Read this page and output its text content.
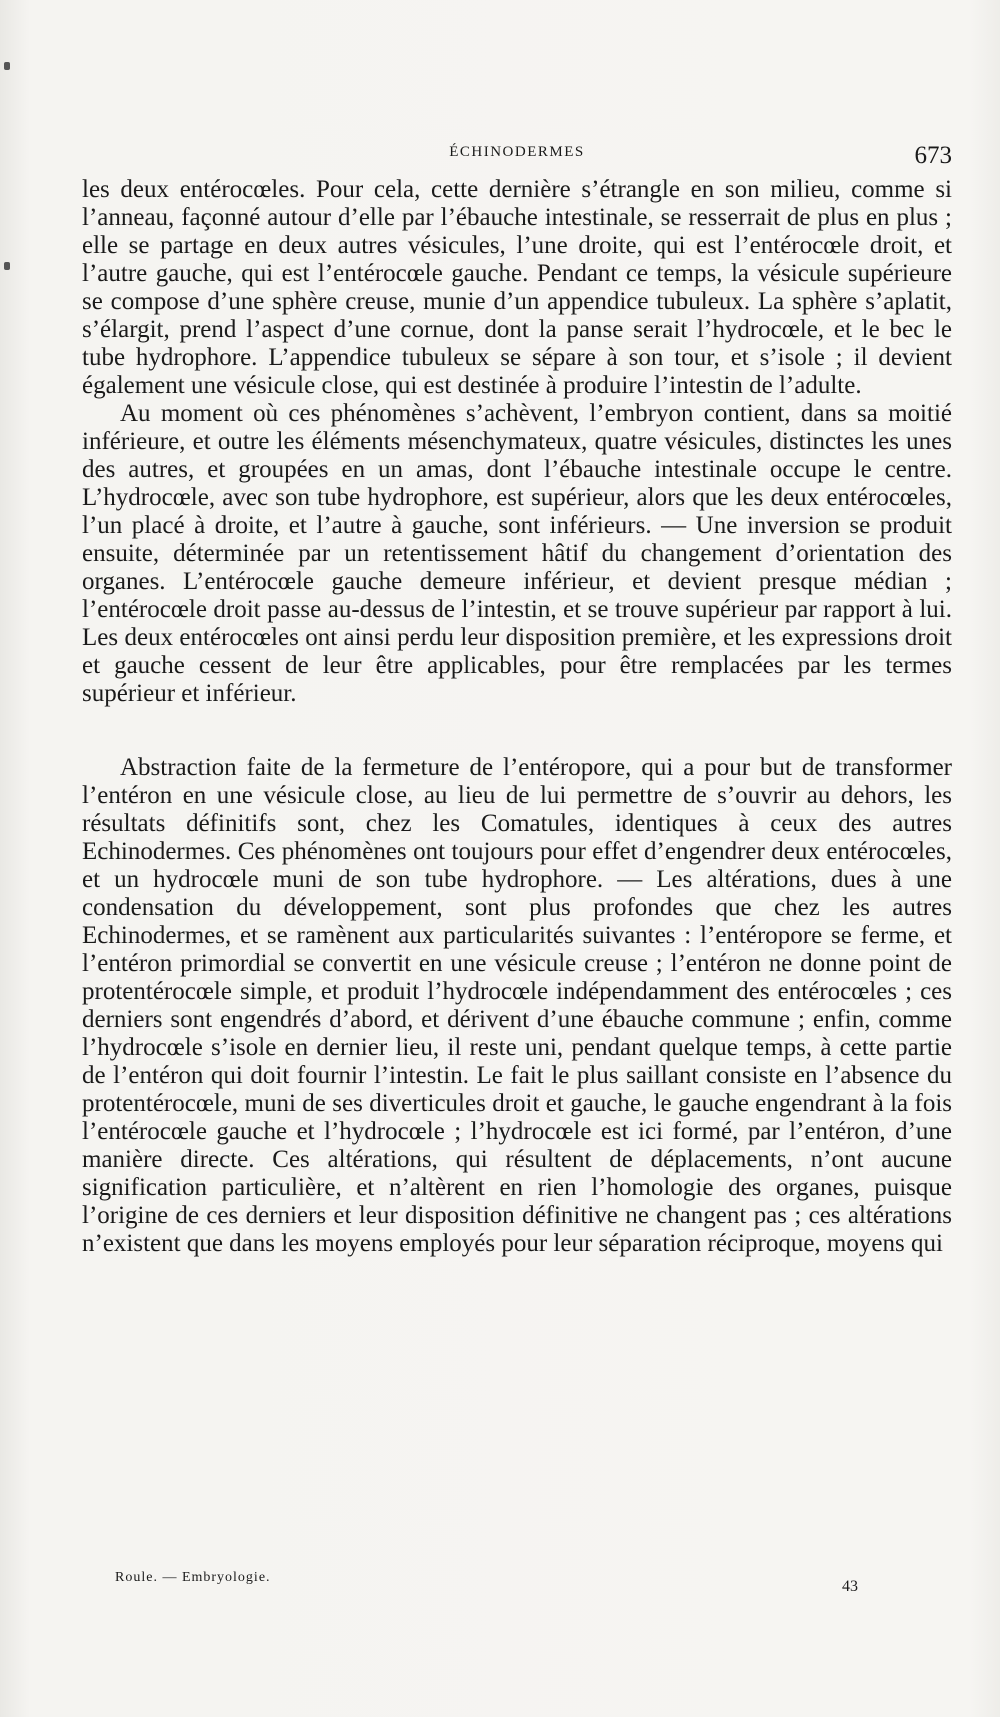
ÉCHINODERMES	673

les deux entérocœles. Pour cela, cette dernière s’étrangle en son milieu, comme si l’anneau, façonné autour d’elle par l’ébauche intestinale, se resserrait de plus en plus ; elle se partage en deux autres vésicules, l’une droite, qui est l’entérocœle droit, et l’autre gauche, qui est l’entérocœle gauche. Pendant ce temps, la vésicule supérieure se compose d’une sphère creuse, munie d’un appendice tubuleux. La sphère s’aplatit, s’élargit, prend l’aspect d’une cornue, dont la panse serait l’hydrocœle, et le bec le tube hydrophore. L’appendice tubuleux se sépare à son tour, et s’isole ; il devient également une vésicule close, qui est destinée à produire l’intestin de l’adulte.

Au moment où ces phénomènes s’achèvent, l’embryon contient, dans sa moitié inférieure, et outre les éléments mésenchymateux, quatre vésicules, distinctes les unes des autres, et groupées en un amas, dont l’ébauche intestinale occupe le centre. L’hydrocœle, avec son tube hydrophore, est supérieur, alors que les deux entérocœles, l’un placé à droite, et l’autre à gauche, sont inférieurs. — Une inversion se produit ensuite, déterminée par un retentissement hâtif du changement d’orientation des organes. L’entérocœle gauche demeure inférieur, et devient presque médian ; l’entérocœle droit passe au-dessus de l’intestin, et se trouve supérieur par rapport à lui. Les deux entérocœles ont ainsi perdu leur disposition première, et les expressions droit et gauche cessent de leur être applicables, pour être remplacées par les termes supérieur et inférieur.

Abstraction faite de la fermeture de l’entéropore, qui a pour but de transformer l’entéron en une vésicule close, au lieu de lui permettre de s’ouvrir au dehors, les résultats définitifs sont, chez les Comatules, identiques à ceux des autres Echinodermes. Ces phénomènes ont toujours pour effet d’engendrer deux entérocœles, et un hydrocœle muni de son tube hydrophore. — Les altérations, dues à une condensation du développement, sont plus profondes que chez les autres Echinodermes, et se ramènent aux particularités suivantes : l’entéropore se ferme, et l’entéron primordial se convertit en une vésicule creuse ; l’entéron ne donne point de protentérocœle simple, et produit l’hydrocœle indépendamment des entérocœles ; ces derniers sont engendrés d’abord, et dérivent d’une ébauche commune ; enfin, comme l’hydrocœle s’isole en dernier lieu, il reste uni, pendant quelque temps, à cette partie de l’entéron qui doit fournir l’intestin. Le fait le plus saillant consiste en l’absence du protentérocœle, muni de ses diverticules droit et gauche, le gauche engendrant à la fois l’entérocœle gauche et l’hydrocœle ; l’hydrocœle est ici formé, par l’entéron, d’une manière directe. Ces altérations, qui résultent de déplacements, n’ont aucune signification particulière, et n’altèrent en rien l’homologie des organes, puisque l’origine de ces derniers et leur disposition définitive ne changent pas ; ces altérations n’existent que dans les moyens employés pour leur séparation réciproque, moyens qui

Roule. — Embryologie.
43
